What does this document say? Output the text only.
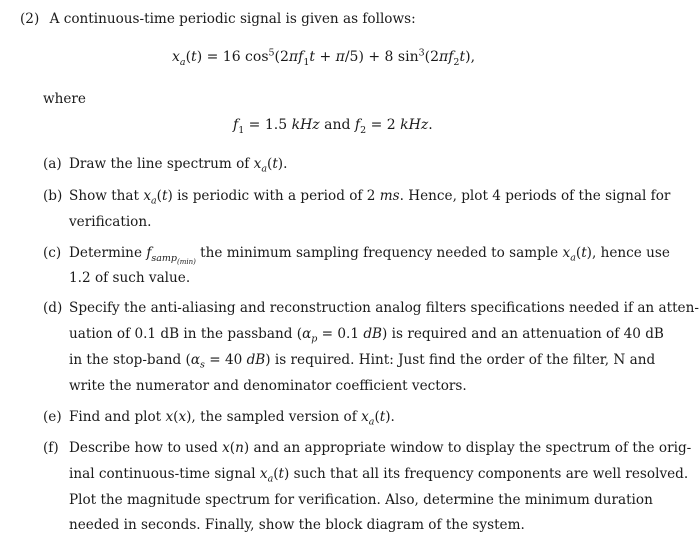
(2) A continuous-time periodic signal is given as follows:
$x_a(t) = 16$ $\cos^5(2\pi f_1t + \pi/5) + 8$ $\sin^3(2\pi f_2t)$,
where
$f_1 = 1.5$ kHz and $f_2 = 2$ kHz.
(a) Draw the line spectrum of $x_a(t)$.
(b) Show that $x_a(t)$ is periodic with a period of 2 ms. Hence, plot 4 periods of the signal for
verification.
(c) Determine $f_{samp_{(min)}}$ the minimum sampling frequency needed to sample $x_a(t)$, hence use
1.2 of such value.
(d) Specify the anti-aliasing and reconstruction analog filters specifications needed if an atten-
uation of 0.1 dB in the passband ($\alpha_p = 0.1$ dB) is required and an attenuation of 40 dB
in the stop-band ($\alpha_s = 40$ dB) is required. Hint: Just find the order of the filter, N and
write the numerator and denominator coefficient vectors.
(e) Find and plot x(x), the sampled version of $x_a(t)$.
(f) Describe how to used x(n) and an appropriate window to display the spectrum of the orig-
inal continuous-time signal $x_a(t)$ such that all its frequency components are well resolved.
Plot the magnitude spectrum for verification. Also, determine the minimum duration
needed in seconds. Finally, show the block diagram of the system.
